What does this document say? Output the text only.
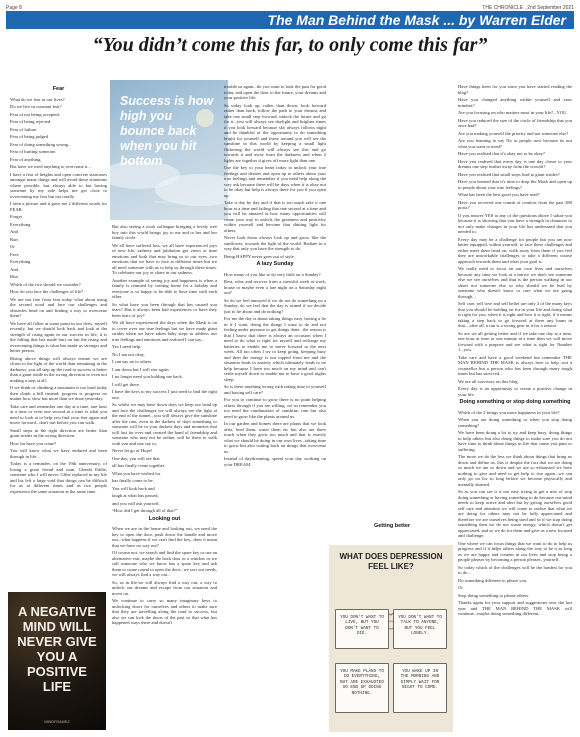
Page 8	THE CHRONICLE , 2nd September 2021
The Man Behind the Mask ... by Warren Elder
“You didn’t come this far, to only come this far”
Fear

What do we fear as our lives?

Do we live in constant fear?

Fear of not being accepted.

Fear of being rejected.

Fear of failure.

Fear of being judged

Fear of doing something wrong.

Fear of hurting someone.

Fear of anything.

But have we tried anything to overcome it...

I have a fear of heights and open concrete staircases amongst many things and will avoid these situations where possible, but always able to but having someone by my side helps me get close to overcoming my fear but not totally.

I seen a picture and it gave me 2 different words for FEAR.

Forget

Everything

And

Run

Or

Face

Everything

And

Rise.

Which of the two should we consider?

How do you face the challenges of life?

We are not free from fear today what about using the second word and face our challenges and obstacles head on and finding a way to overcome them?

We have all fallen at some point in our lives, myself recently, but we should look back and look at the strength of rising again in our success in life, it is the falling that has made hurt on but the rising and overcoming things is what has made us stronger and better person.

Rising above things will always ensure we are closer to the light of the world than remaining in the darkness, you all step up the road to success is better than a giant stride in the wrong direction or even not making a step at all.

If we think of climbing a mountain is too hard today then climb a hill instead, progress is progress no matter how slow but more than we done yesterday.

Take care and remember one day at a time, one hour at a time or even one second at a time is what you need to look at to help you find your feet again and move forward...don't run before you can walk.

Small steps in the right direction are better than giant strides in the wrong direction.

How far have you come?

You will know what we have endured and been through in life...

Today is a reminder, on the 19th anniversary, of losing a great friend and man, Glenda Eddie, someone who I will never. Glibe replaced in my life and his left a large void that things can be difficult for us at different times and as two people experience the same situation at the same time.

Success is how high you bounce back when you hit bottom
George S. Patton

But also seeing a work colleague bringing a lovely wee boy into this world brings joy to me and to her and her family circle.

We all have suffered loss, we all have experienced joys of new life, sadness and jubilation get views at time emotions and both that may bring us to our eyes...two emotions that we have to face at different times but we all need someone with us to help us through these times. To celebrate our joy or share in our sadness.

Another example of seeing joy and happiness is when a family is reunited by coming home for a holiday and everyone is so happy to be able to have time with each other.

So what have you been through that has caused you tears? Has it always been bad experiences or have they been tears of joy?

We all have experienced the days when the Mask is on to cover over our true feelings but we have made giant strides when we have taken baby steps to address our true feelings and emotions and realised I can say...

Yes I need help.

No I am not okay.

I can say no to others.

I am down but I will rise again.

I no longer need you holding me back.

I will get there.

I have the keys to my success I just need to find the right one.

So whilst we may have down days we keep our head up and face the challenges we will always see the light at the end of the tunnel...you will always give the sunshine after the rain, even in the darkest of days something or someone will be in your darkest days and moments that will last for ever and created the band of friendship and someone who may not be online, will be there to walk with you and one say to,

Never let go of Hope!

One day, you will see that

all has finally come together.

What you have wished for

has finally come to be.

You will look back and

laugh at what has passed,

and you will ask yourself,

“How did I get through all of that?”

Looking out

When we are in the home and looking out, we need the key to open the door, push down the handle and move out...what happens if we can't find the key...does it mean that we have no way out?

Of course not, we search and find the spare key or use an alternative exit, maybe the back door or a window or we call someone who we know has a spare key and ask them to come round to open the door...we sort our needs, we will always find a way out...

So, as in life,we will always find a way out, a way to unlock our dreams and escape from our situation and move on.

We continue to carry so many imaginary keys to unlocking doors for ourselves and others to make sure that they are travelling along the road to success, but also we can lock the doors of the past so that what has happened stays there and doesn't

A NEGATIVE MIND WILL NEVER GIVE YOU A POSITIVE LIFE
MINDFRAMEZ

trouble us again...do you want to look the past for good today and open the door to the future, your dreams and your positive life.

So today look up, rather than down, look forward rather than back, follow the path to your dreams and take one small step forward, unlock the future and go for it...you will always see daylight and brighter times if you look forward because sky always follows night and be thankful of the opportunity to do something bright for yourself and those around you will see the sunshine in this world by keeping a small light flickering the world will always see this and go towards it and away from the darkness and when 2 lights are together it gives off more light than one.

Use the key to your heart today to unlock your true feelings and desires and open up to others about your true feelings and remember if you need help along the way ask because there will be days when it is okay not to be okay but help is always there for you if you open up.

Take it day by day and if that is too much take it one hour at a time and failing that one second at a time and you will be amazed at how many opportunities will come your way to unlock the greatness and positivity within yourself and become that shining light for others.

Never look down always look up and grow, like the sunflower, towards the light of the world. Radiate in a way that only you have the strength to do.

Being HAPPY never goes out of style.

A lazy Sunday

How many of you like to do very little on a Sunday?

Rest, relax and recover from a stressful week at work, house or maybe even a late night on a Saturday night out?

So do we feel annoyed if we do not do something on a Sunday, do we feel that the day is ruined if we decide just to lie about and do nothing?

For me the day is about taking things easy, having a lie in if I want, doing the things I want to do and not feeling under pressure to get things done...the reason is that I know that there is always an occasion when I need to do what is right for myself and recharge my batteries to enable me to move forward to the next week. All too often I try to keep going, keeping busy and then the energy is not topped from me and the situation leads to anxiety which ultimately leads to no help because I have too much on my mind and can't settle myself down to enable me to have a good nights sleep.

So is there anything wrong with taking time to yourself and having self care?

For you to continue to grow there is no point helping others through if you are willing, we so remember you too need the combination of sunshine, rain but also need to grow like the plants around us.

In our garden and homes there are plants that we look after, feed them, water them etc but also are there touch when they grow too much and that is exactly what we should be doing in our own lives...taking time to grow but also cutting back on things that overcome us.

Instead of daydreaming, spend your day working on your DREAM.

Getting better
WHAT DOES DEPRESSION FEEL LIKE?
YOU DON'T WANT TO LIVE, BUT YOU DON'T WANT TO DIE.
YOU DON'T WANT TO TALK TO ANYONE, BUT YOU FEEL LONELY.
YOU MAKE PLANS TO DO EVERYTHING, BUT ARE EXHAUSTED SO END UP DOING NOTHING.
YOU WAKE UP IN THE MORNING AND SIMPLY WAIT FOR NIGHT TO COME.

Have things been for you since you have started reading the blog?

Have you changed anything within yourself and your mindset?

Are you focusing on who matters most in your life?...YOU.

Have you reduced the size of the circle of friendship that you once had?

Are you making yourself the priority and not someone else?

Are you learning to say No to people now because its not what you want or need?

Have you realised that it's okay not to be okay?

Have you realised that every day is one day closer to your dreams one step further away from the crowds?

Have you realised that small steps lead to giant strides?

Have you learned that it's time to drop the Mask and open up to people about your true feelings?

What has been the best good you have read?

Have you received one crumb of comfort from the past 380 posts?

If you answer YES to any of the questions above I salute you because it is showing that you have a strength in character to not only make changes in your life but understand that you needed to.

Every day may be a challenge for people but you are now better equipped, within yourself, to face these challenges and either meet them head on, walk away from them if you feel they are unworkable challenges or take a different course approach towards them and what your goal is.

We really need to focus on our own lives and ourselves because any time we look at a mirror we don't see someone else we see ourselves and that is the person walking in our shoes not someone else so why should we be lead by someone who doesn't know or care what we are going through...

Self care, self love and self belief are only 3 of the many keys that you should be holding on for in your life and doing what is right for you, when it is right and how it is right, if it means taking a step back to go forward at there any harm in that....after all, a run is a wrong gear in it for a reason.

So are we all getting better and if we take one day at a time, one hour at time or one minute at a time then we will move forward with a purpose and see what is right for Number 1...you.

Take care and have a good weekend but remember THE MAN BEHIND THE MASK is always here to help...not a counsellor but a person who has been through many tough times but has survived...

We are all survivors on this blog.

Every day is an opportunity to create a positive change in your life.

Doing something or stop doing something

Which of the 2 brings you more happiness in your life?

When you are doing something or when you stop doing something?

We have been doing a lot to try and keep busy, doing things to help others but also doing things to make sure you do not have time to think about things in life that cause you pain or suffering.

The more we do the less we think about things that bring us down and define us, this is despite the fact that we are doing so much we are so down and we are so exhausted we have nothing to give and need to get help to rise again...we can only go on for so long before we become physically and mentally drained.

So as you can see it is not easy trying to get a mix of stop doing something or having something to do because our mind needs to keep active and alert but by giving ourselves good self care and attention we will come to realise that what we are doing for others may not be fully appreciated and therefore we are ourselves being used and so if we stop doing something then we do not waste energy, which doesn't get appreciated, and so we do for them and give us a new focused and challenge.

One where we can focus things that we want to do to help us progress and if it helps others along the way to be it as long as we are happy and content in our lives and stop being a people pleaser by becoming a person pleaser...yourself.

So today which of the challenges will be the hardest for you to do...

Do something different to please you.

Or

Stop doing something to please others.

Thanks again for your support and suggestions over the last year and THE MAN BEHIND THE MASK will continue...maybe doing something different...
